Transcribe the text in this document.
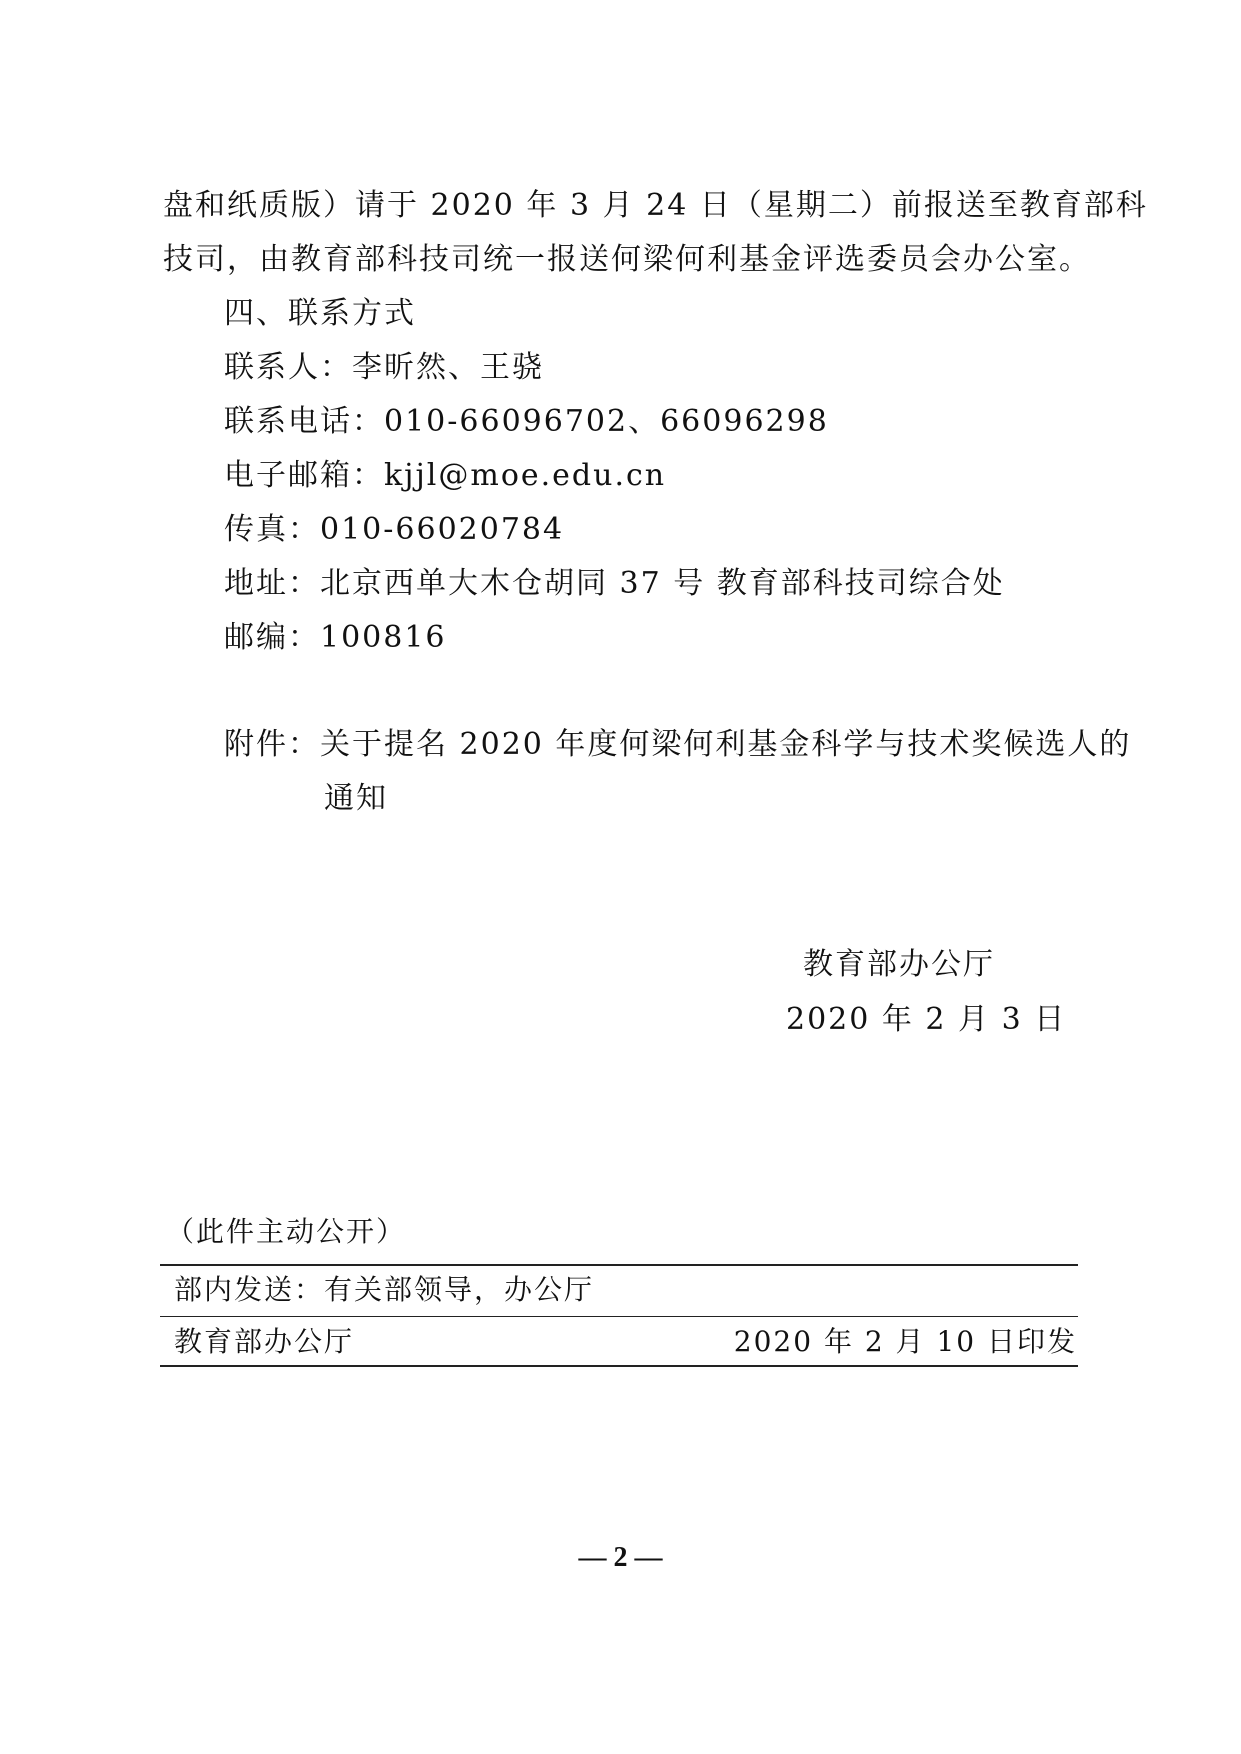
盘和纸质版）请于 2020 年 3 月 24 日（星期二）前报送至教育部科
技司，由教育部科技司统一报送何梁何利基金评选委员会办公室。
四、联系方式
联系人：李昕然、王骁
联系电话：010-66096702、66096298
电子邮箱：kjjl@moe.edu.cn
传真：010-66020784
地址：北京西单大木仓胡同 37 号 教育部科技司综合处
邮编：100816
附件：关于提名 2020 年度何梁何利基金科学与技术奖候选人的
通知
教育部办公厅
2020 年 2 月 3 日
（此件主动公开）
部内发送：有关部领导，办公厅
教育部办公厅	2020 年 2 月 10 日印发
— 2 —
